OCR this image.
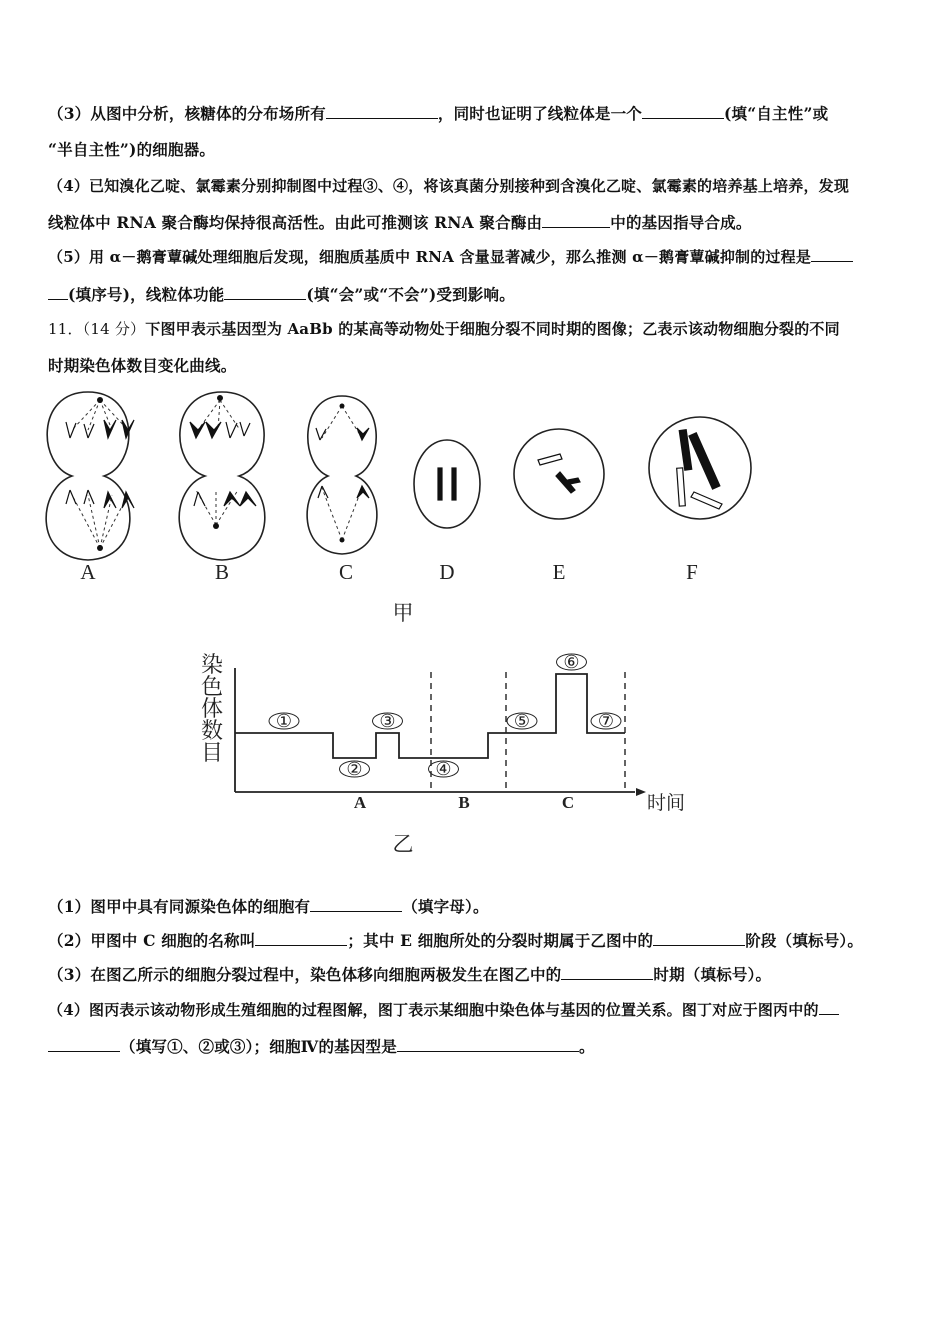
（3）从图中分析，核糖体的分布场所有	，同时也证明了线粒体是一个	(填“自主性”或
“半自主性”)的细胞器。
（4）已知溴化乙啶、氯霉素分别抑制图中过程③、④，将该真菌分别接种到含溴化乙啶、氯霉素的培养基上培养，发现
线粒体中 RNA 聚合酶均保持很高活性。由此可推测该 RNA 聚合酶由	中的基因指导合成。
（5）用 α－鹅膏蕈碱处理细胞后发现，细胞质基质中 RNA 含量显著减少，那么推测 α－鹅膏蕈碱抑制的过程是
(填序号)，线粒体功能	(填“会”或“不会”)受到影响。
11．（14 分）下图甲表示基因型为 AaBb 的某高等动物处于细胞分裂不同时期的图像；乙表示该动物细胞分裂的不同
时期染色体数目变化曲线。
A	B	C	D	E	F
甲
染色体数目
①
②
③
④
⑤
⑥
⑦
A	B	C	时间
乙
（1）图甲中具有同源染色体的细胞有	（填字母）。
（2）甲图中 C 细胞的名称叫	；其中 E 细胞所处的分裂时期属于乙图中的	阶段（填标号）。
（3）在图乙所示的细胞分裂过程中，染色体移向细胞两极发生在图乙中的	时期（填标号）。
（4）图丙表示该动物形成生殖细胞的过程图解，图丁表示某细胞中染色体与基因的位置关系。图丁对应于图丙中的
（填写①、②或③）；细胞Ⅳ的基因型是	。
